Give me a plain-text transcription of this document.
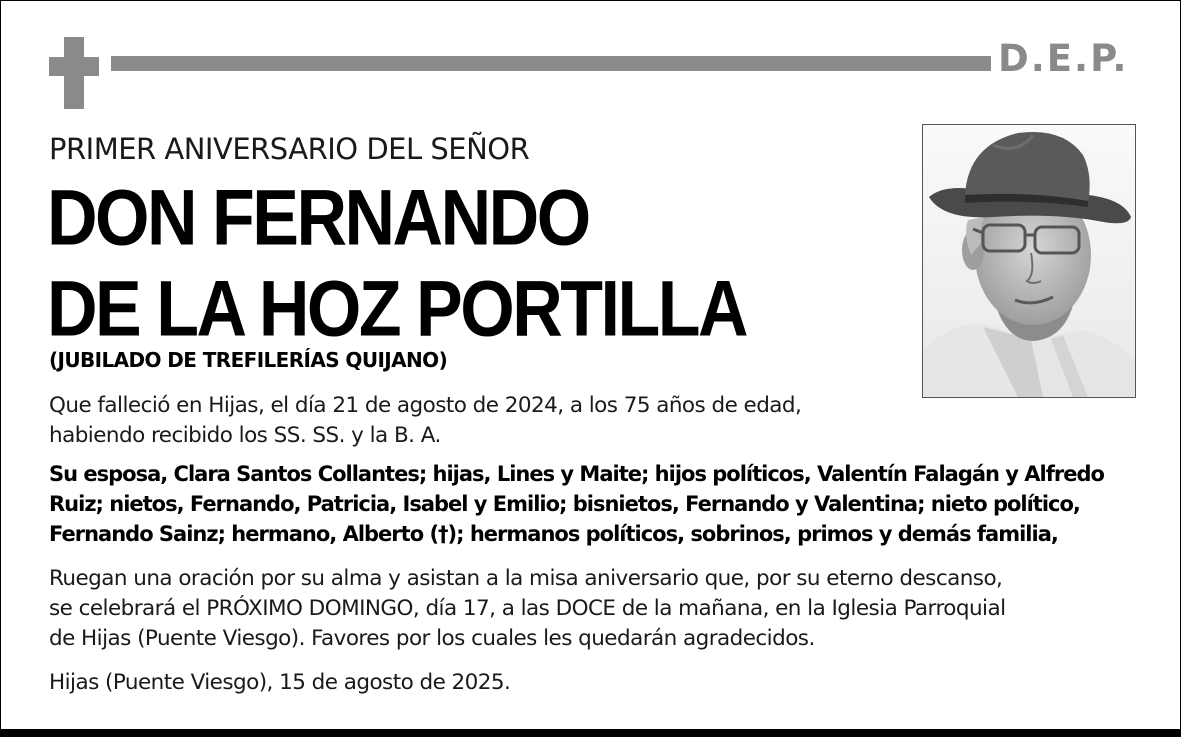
D.E.P.
PRIMER ANIVERSARIO DEL SEÑOR
DON FERNANDO
DE LA HOZ PORTILLA
(JUBILADO DE TREFILERÍAS QUIJANO)
Que falleció en Hijas, el día 21 de agosto de 2024, a los 75 años de edad,
habiendo recibido los SS. SS. y la B. A.
Su esposa, Clara Santos Collantes; hijas, Lines y Maite; hijos políticos, Valentín Falagán y Alfredo
Ruiz; nietos, Fernando, Patricia, Isabel y Emilio; bisnietos, Fernando y Valentina; nieto político,
Fernando Sainz; hermano, Alberto (†); hermanos políticos, sobrinos, primos y demás familia,
Ruegan una oración por su alma y asistan a la misa aniversario que, por su eterno descanso,
se celebrará el PRÓXIMO DOMINGO, día 17, a las DOCE de la mañana, en la Iglesia Parroquial
de Hijas (Puente Viesgo). Favores por los cuales les quedarán agradecidos.
Hijas (Puente Viesgo), 15 de agosto de 2025.
